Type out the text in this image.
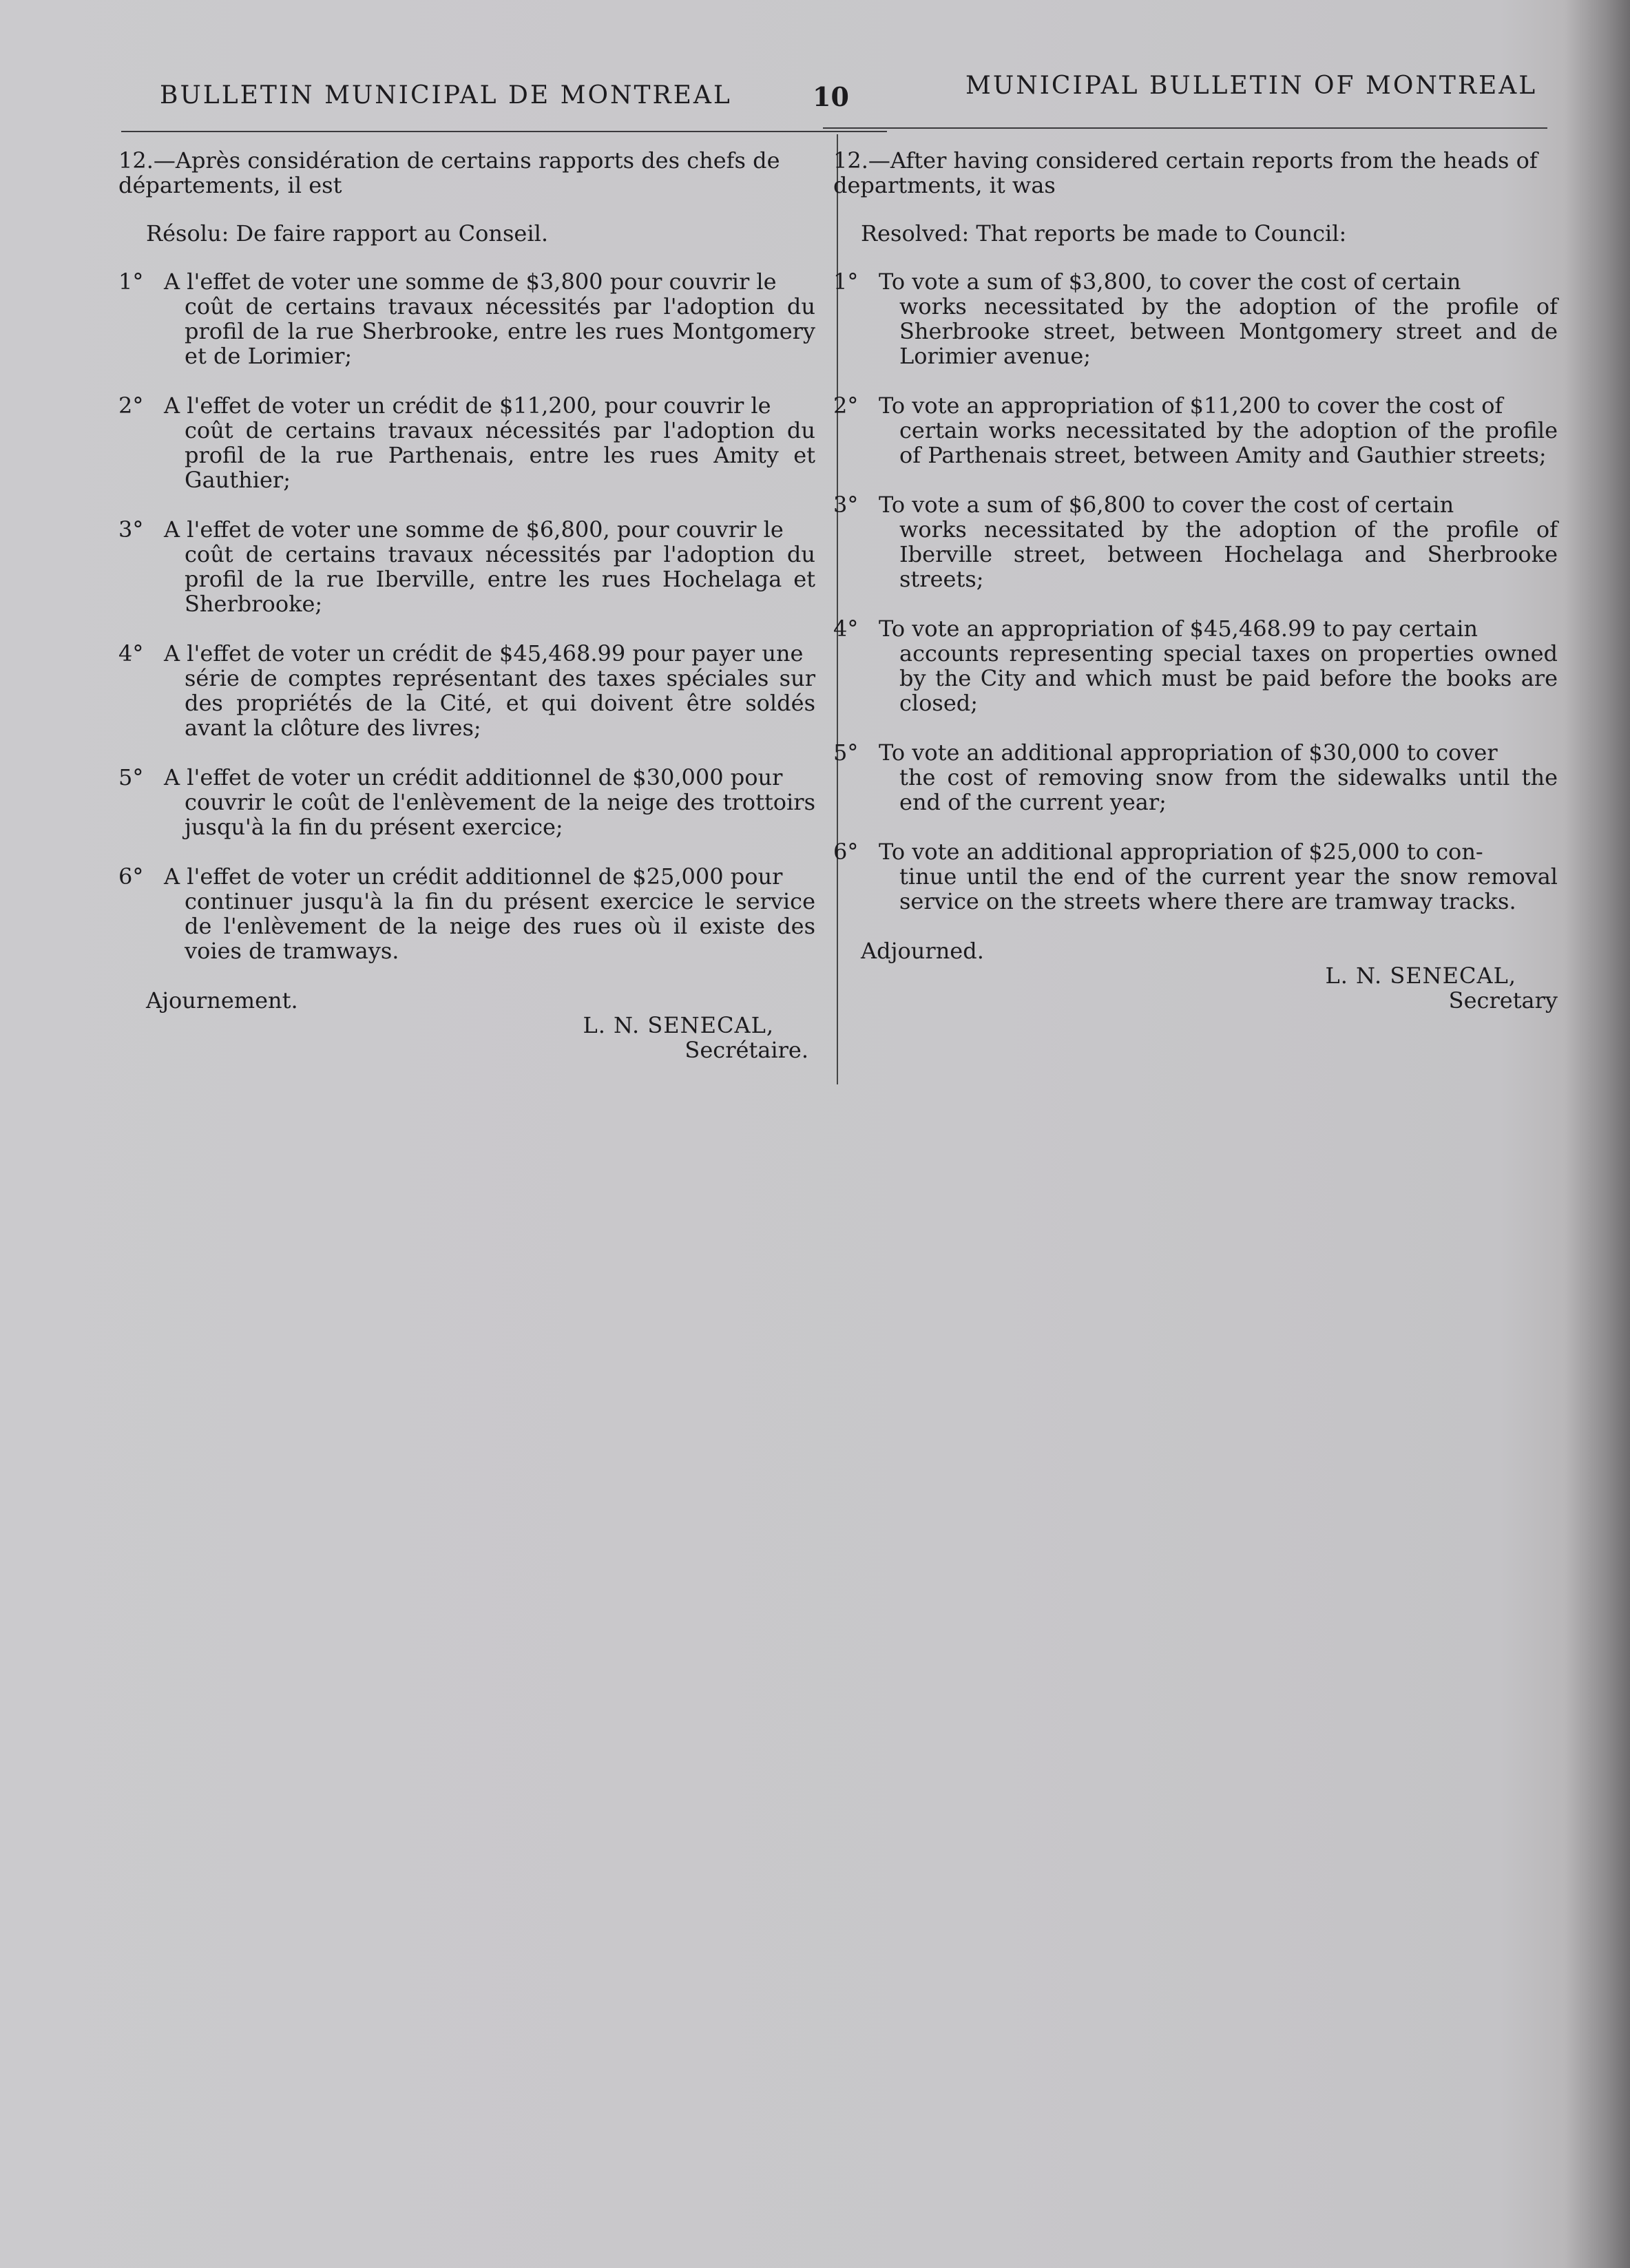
BULLETIN MUNICIPAL DE MONTREAL	10	MUNICIPAL BULLETIN OF MONTREAL

12.—Après considération de certains rapports des chefs de départements, il est

Résolu: De faire rapport au Conseil.

1° A l'effet de voter une somme de $3,800 pour couvrir le
coût de certains travaux nécessités par l'adoption du profil de la rue Sherbrooke, entre les rues Montgomery et de Lorimier;
2° A l'effet de voter un crédit de $11,200, pour couvrir le
coût de certains travaux nécessités par l'adoption du profil de la rue Parthenais, entre les rues Amity et Gauthier;
3° A l'effet de voter une somme de $6,800, pour couvrir le
coût de certains travaux nécessités par l'adoption du profil de la rue Iberville, entre les rues Hochelaga et Sherbrooke;
4° A l'effet de voter un crédit de $45,468.99 pour payer une
série de comptes représentant des taxes spéciales sur des propriétés de la Cité, et qui doivent être soldés avant la clôture des livres;
5° A l'effet de voter un crédit additionnel de $30,000 pour
couvrir le coût de l'enlèvement de la neige des trottoirs jusqu'à la fin du présent exercice;
6° A l'effet de voter un crédit additionnel de $25,000 pour
continuer jusqu'à la fin du présent exercice le service de l'enlèvement de la neige des rues où il existe des voies de tramways.

Ajournement.

L. N. SENECAL,

Secrétaire.

12.—After having considered certain reports from the heads of departments, it was

Resolved: That reports be made to Council:

1° To vote a sum of $3,800, to cover the cost of certain
works necessitated by the adoption of the profile of Sherbrooke street, between Montgomery street and de Lorimier avenue;
2° To vote an appropriation of $11,200 to cover the cost of
certain works necessitated by the adoption of the profile of Parthenais street, between Amity and Gauthier streets;
3° To vote a sum of $6,800 to cover the cost of certain
works necessitated by the adoption of the profile of Iberville street, between Hochelaga and Sherbrooke streets;
4° To vote an appropriation of $45,468.99 to pay certain
accounts representing special taxes on properties owned by the City and which must be paid before the books are closed;
5° To vote an additional appropriation of $30,000 to cover
the cost of removing snow from the sidewalks until the end of the current year;
6° To vote an additional appropriation of $25,000 to con-
tinue until the end of the current year the snow removal service on the streets where there are tramway tracks.

Adjourned.

L. N. SENECAL,

Secretary
